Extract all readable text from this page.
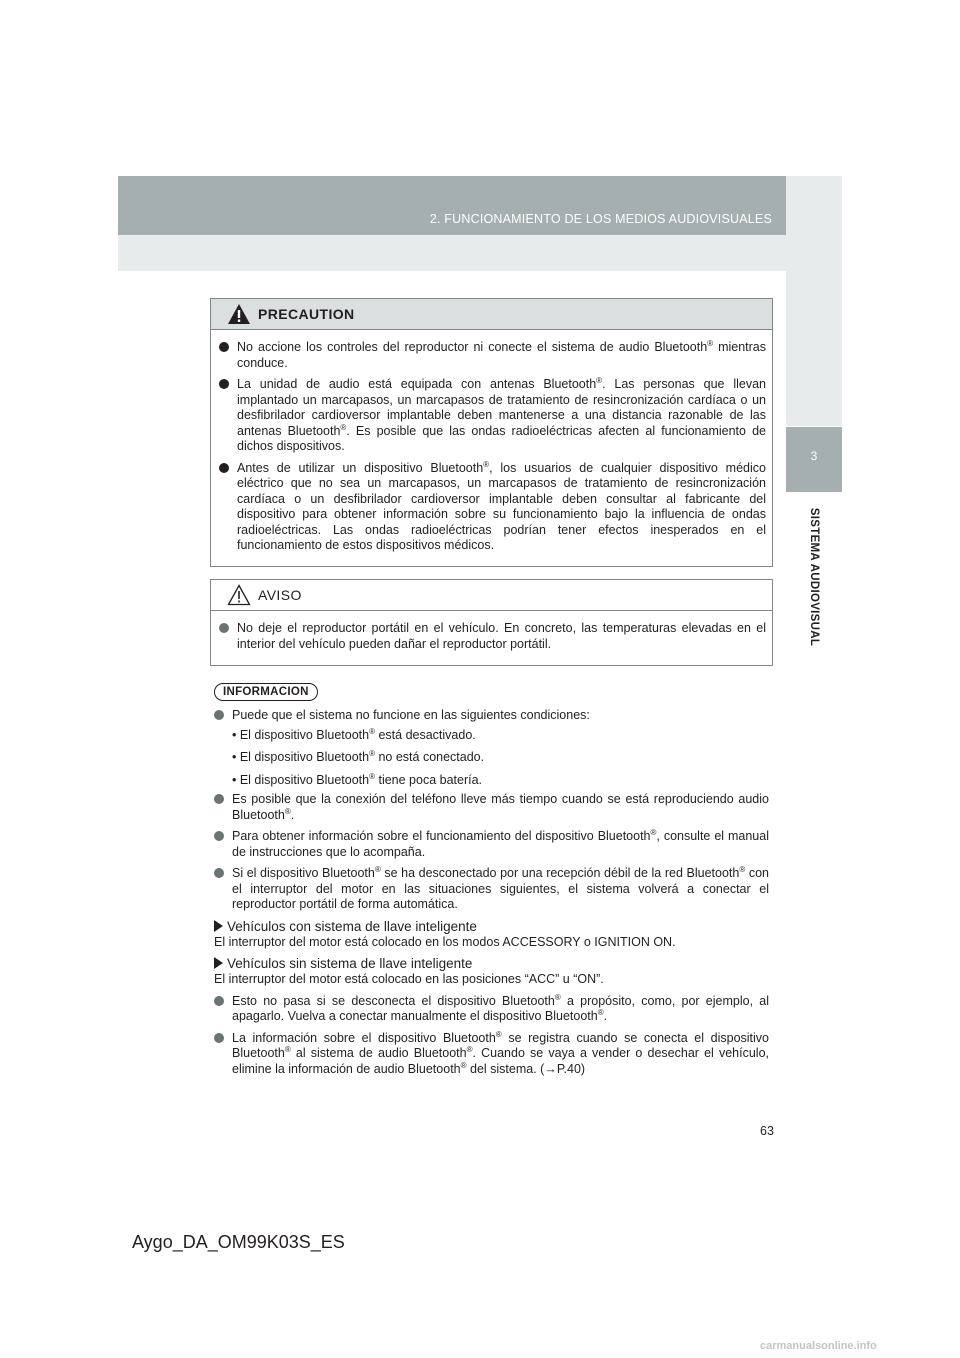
2. FUNCIONAMIENTO DE LOS MEDIOS AUDIOVISUALES
3
SISTEMA AUDIOVISUAL
PRECAUTION
No accione los controles del reproductor ni conecte el sistema de audio Bluetooth® mientras conduce.
La unidad de audio está equipada con antenas Bluetooth®. Las personas que llevan implantado un marcapasos, un marcapasos de tratamiento de resincronización cardíaca o un desfibrilador cardioversor implantable deben mantenerse a una distancia razonable de las antenas Bluetooth®. Es posible que las ondas radioeléctricas afecten al funcionamiento de dichos dispositivos.
Antes de utilizar un dispositivo Bluetooth®, los usuarios de cualquier dispositivo médico eléctrico que no sea un marcapasos, un marcapasos de tratamiento de resincronización cardíaca o un desfibrilador cardioversor implantable deben consultar al fabricante del dispositivo para obtener información sobre su funcionamiento bajo la influencia de ondas radioeléctricas. Las ondas radioeléctricas podrían tener efectos inesperados en el funcionamiento de estos dispositivos médicos.
AVISO
No deje el reproductor portátil en el vehículo. En concreto, las temperaturas elevadas en el interior del vehículo pueden dañar el reproductor portátil.
INFORMACION
Puede que el sistema no funcione en las siguientes condiciones:
• El dispositivo Bluetooth® está desactivado.
• El dispositivo Bluetooth® no está conectado.
• El dispositivo Bluetooth® tiene poca batería.
Es posible que la conexión del teléfono lleve más tiempo cuando se está reproduciendo audio Bluetooth®.
Para obtener información sobre el funcionamiento del dispositivo Bluetooth®, consulte el manual de instrucciones que lo acompaña.
Si el dispositivo Bluetooth® se ha desconectado por una recepción débil de la red Bluetooth® con el interruptor del motor en las situaciones siguientes, el sistema volverá a conectar el reproductor portátil de forma automática.
Vehículos con sistema de llave inteligente
El interruptor del motor está colocado en los modos ACCESSORY o IGNITION ON.
Vehículos sin sistema de llave inteligente
El interruptor del motor está colocado en las posiciones “ACC” u “ON”.
Esto no pasa si se desconecta el dispositivo Bluetooth® a propósito, como, por ejemplo, al apagarlo. Vuelva a conectar manualmente el dispositivo Bluetooth®.
La información sobre el dispositivo Bluetooth® se registra cuando se conecta el dispositivo Bluetooth® al sistema de audio Bluetooth®. Cuando se vaya a vender o desechar el vehículo, elimine la información de audio Bluetooth® del sistema. (→P.40)
63
Aygo_DA_OM99K03S_ES
carmanualsonline.info
